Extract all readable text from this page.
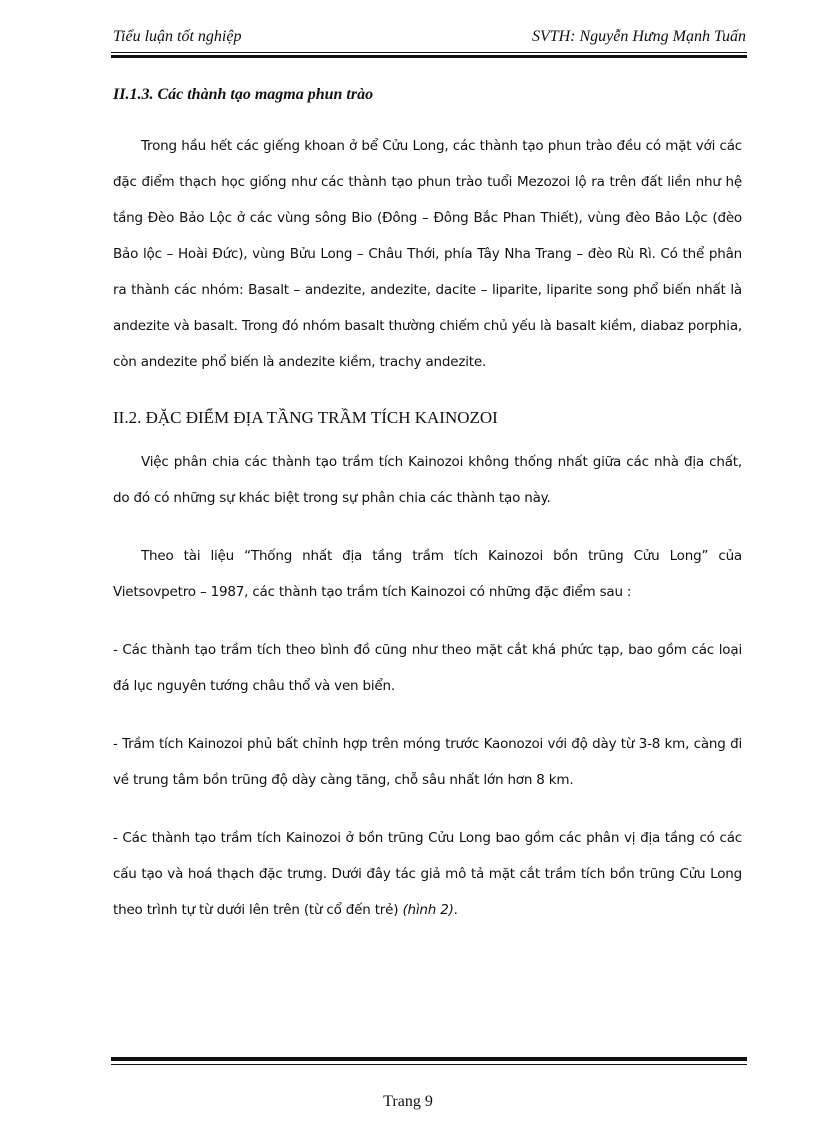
Tiểu luận tốt nghiệp	SVTH: Nguyễn Hưng Mạnh Tuấn

II.1.3. Các thành tạo magma phun trào

Trong hầu hết các giếng khoan ở bể Cửu Long, các thành tạo phun trào đều có mặt với các đặc điểm thạch học giống như các thành tạo phun trào tuổi Mezozoi lộ ra trên đất liền như hệ tầng Đèo Bảo Lộc ở các vùng sông Bio (Đông – Đông Bắc Phan Thiết), vùng đèo Bảo Lộc (đèo Bảo lộc – Hoài Đức), vùng Bửu Long – Châu Thới, phía Tây Nha Trang – đèo Rù Rì. Có thể phân ra thành các nhóm: Basalt – andezite, andezite, dacite – liparite, liparite song phổ biến nhất là andezite và basalt. Trong đó nhóm basalt thường chiếm chủ yếu là basalt kiềm, diabaz porphia, còn andezite phổ biến là andezite kiềm, trachy andezite.

II.2. ĐẶC ĐIỂM ĐỊA TẦNG TRẦM TÍCH KAINOZOI

Việc phân chia các thành tạo trầm tích Kainozoi không thống nhất giữa các nhà địa chất, do đó có những sự khác biệt trong sự phân chia các thành tạo này.

Theo tài liệu “Thống nhất địa tầng trầm tích Kainozoi bồn trũng Cửu Long” của Vietsovpetro – 1987, các thành tạo trầm tích Kainozoi có những đặc điểm sau :

- Các thành tạo trầm tích theo bình đồ cũng như theo mặt cắt khá phức tạp, bao gồm các loại đá lục nguyên tướng châu thổ và ven biển.

- Trầm tích Kainozoi phủ bất chỉnh hợp trên móng trước Kaonozoi với độ dày từ 3-8 km, càng đi về trung tâm bồn trũng độ dày càng tăng, chỗ sâu nhất lớn hơn 8 km.

- Các thành tạo trầm tích Kainozoi ở bồn trũng Cửu Long bao gồm các phân vị địa tầng có các cấu tạo và hoá thạch đặc trưng. Dưới đây tác giả mô tả mặt cắt trầm tích bồn trũng Cửu Long theo trình tự từ dưới lên trên (từ cổ đến trẻ) (hình 2).

Trang 9
